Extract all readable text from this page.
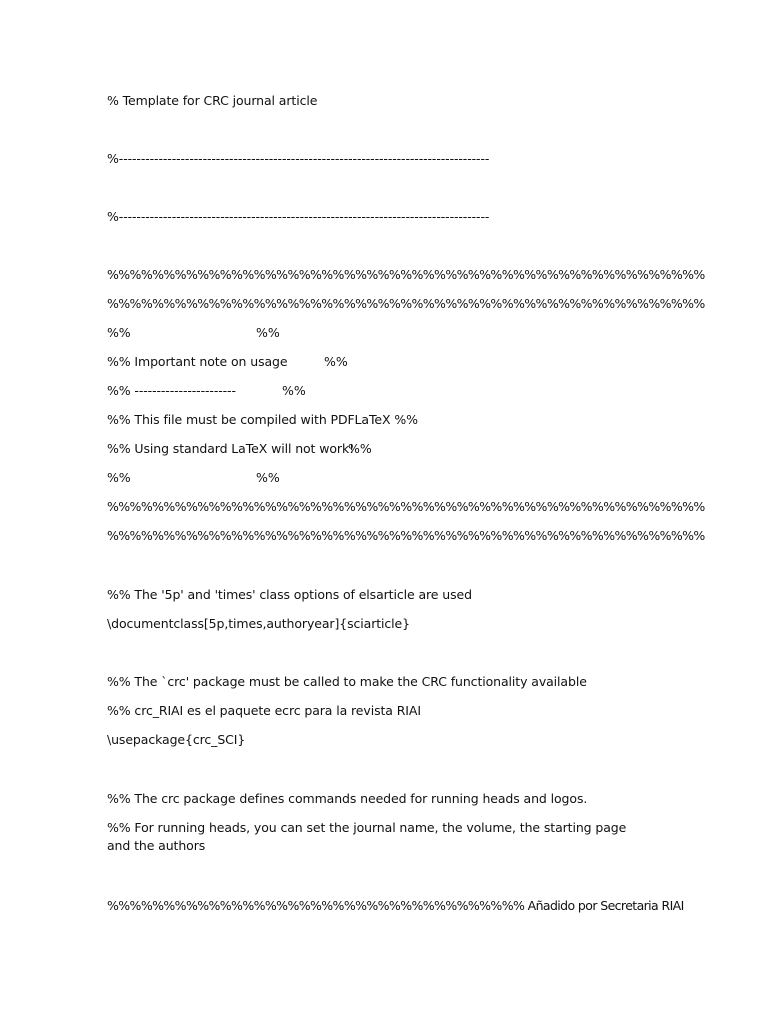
% Template for CRC journal article

%------------------------------------------------------------------------------------

%------------------------------------------------------------------------------------

%%%%%%%%%%%%%%%%%%%%%%%%%%%%%%%%%%%%%%%%%%%%%%%%%%%%%

%%%%%%%%%%%%%%%%%%%%%%%%%%%%%%%%%%%%%%%%%%%%%%%%%%%%%

%%	%%

%% Important note on usage	%%

%% -----------------------	%%

%% This file must be compiled with PDFLaTeX %%

%% Using standard LaTeX will not work!

%%

%%	%%

%%%%%%%%%%%%%%%%%%%%%%%%%%%%%%%%%%%%%%%%%%%%%%%%%%%%%

%%%%%%%%%%%%%%%%%%%%%%%%%%%%%%%%%%%%%%%%%%%%%%%%%%%%%

%% The '5p' and 'times' class options of elsarticle are used

\documentclass[5p,times,authoryear]{sciarticle}

%% The `crc' package must be called to make the CRC functionality available

%% crc_RIAI es el paquete ecrc para la revista RIAI

\usepackage{crc_SCI}

%% The crc package defines commands needed for running heads and logos.

%% For running heads, you can set the journal name, the volume, the starting page and the authors

%%%%%%%%%%%%%%%%%%%%%%%%%%%%%%%%%%%%% Añadido por Secretaria RIAI
